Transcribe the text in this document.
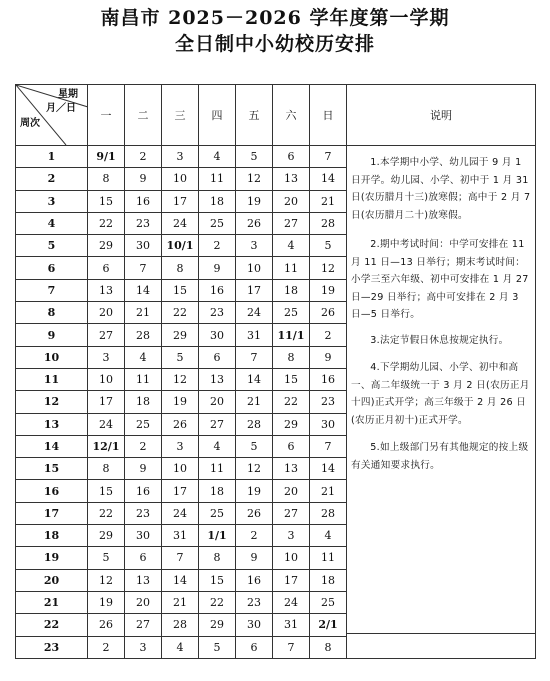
南昌市 2025－2026 学年度第一学期
全日制中小幼校历安排
星期
月／日
周次	一	二	三	四	五	六	日	说明
1	9/1	2	3	4	5	6	7	1.本学期中小学、幼儿园于 9 月 1 日开学。幼儿园、小学、初中于 1 月 31 日(农历腊月十三)放寒假；高中于 2 月 7 日(农历腊月二十)放寒假。

2.期中考试时间：中学可安排在 11 月 11 日—13 日举行；期末考试时间：小学三至六年级、初中可安排在 1 月 27 日—29 日举行；高中可安排在 2 月 3 日—5 日举行。

3.法定节假日休息按规定执行。

4.下学期幼儿园、小学、初中和高一、高二年级统一于 3 月 2 日(农历正月十四)正式开学；高三年级于 2 月 26 日(农历正月初十)正式开学。

5.如上级部门另有其他规定的按上级有关通知要求执行。

2	8	9	10	11	12	13	14	
3	15	16	17	18	19	20	21	
4	22	23	24	25	26	27	28	
5	29	30	10/1	2	3	4	5	
6	6	7	8	9	10	11	12	
7	13	14	15	16	17	18	19	
8	20	21	22	23	24	25	26	
9	27	28	29	30	31	11/1	2	
10	3	4	5	6	7	8	9	
11	10	11	12	13	14	15	16	
12	17	18	19	20	21	22	23	
13	24	25	26	27	28	29	30	
14	12/1	2	3	4	5	6	7	
15	8	9	10	11	12	13	14	
16	15	16	17	18	19	20	21	
17	22	23	24	25	26	27	28	
18	29	30	31	1/1	2	3	4	
19	5	6	7	8	9	10	11	
20	12	13	14	15	16	17	18	
21	19	20	21	22	23	24	25	
22	26	27	28	29	30	31	2/1	
23	2	3	4	5	6	7	8	
